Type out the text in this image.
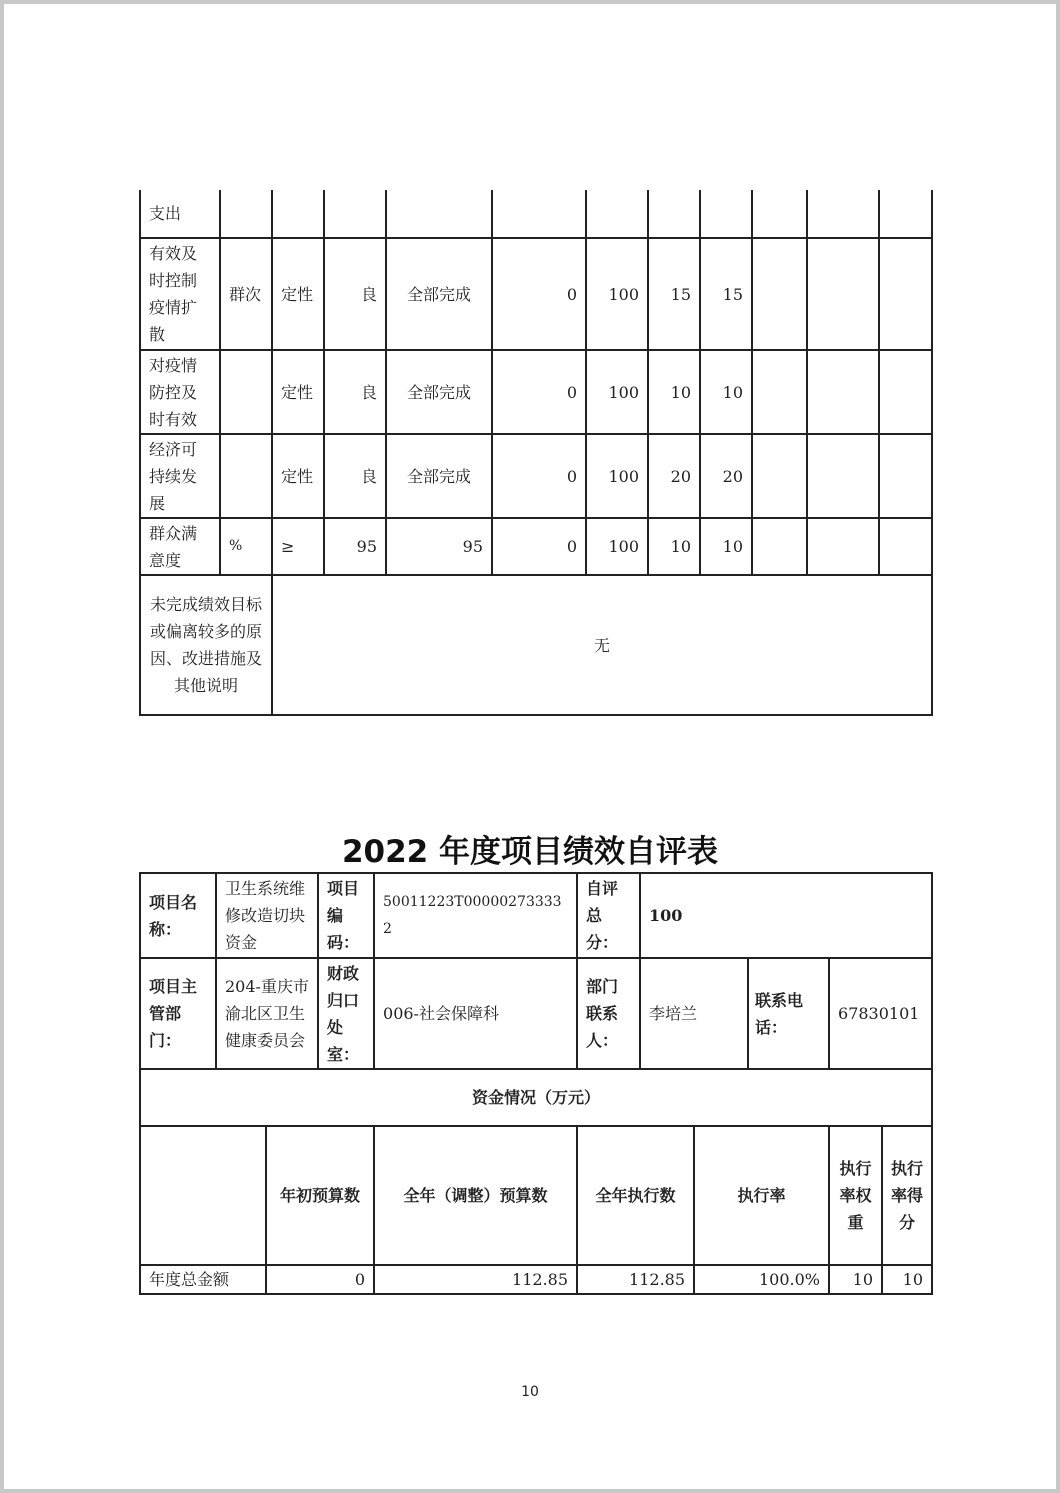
支出											
有效及时控制疫情扩散	群次	定性	良	全部完成	0	100	15	15			
对疫情防控及时有效		定性	良	全部完成	0	100	10	10			
经济可持续发展		定性	良	全部完成	0	100	20	20			
群众满意度	%	≥	95	95	0	100	10	10			
未完成绩效目标或偏离较多的原因、改进措施及其他说明		无									
2022 年度项目绩效自评表
项目名称：	卫生系统维修改造切块资金		项目编码：	50011223T000002733332	自评总分：	100				
项目主管部门：	204-重庆市渝北区卫生健康委员会		财政归口处室：	006-社会保障科	部门联系人：	李培兰		联系电话：	67830101	
资金情况（万元）										
		年初预算数		全年（调整）预算数	全年执行数		执行率		执行率权重	执行率得分
年度总金额		0		112.85	112.85		100.0%		10	10
10
